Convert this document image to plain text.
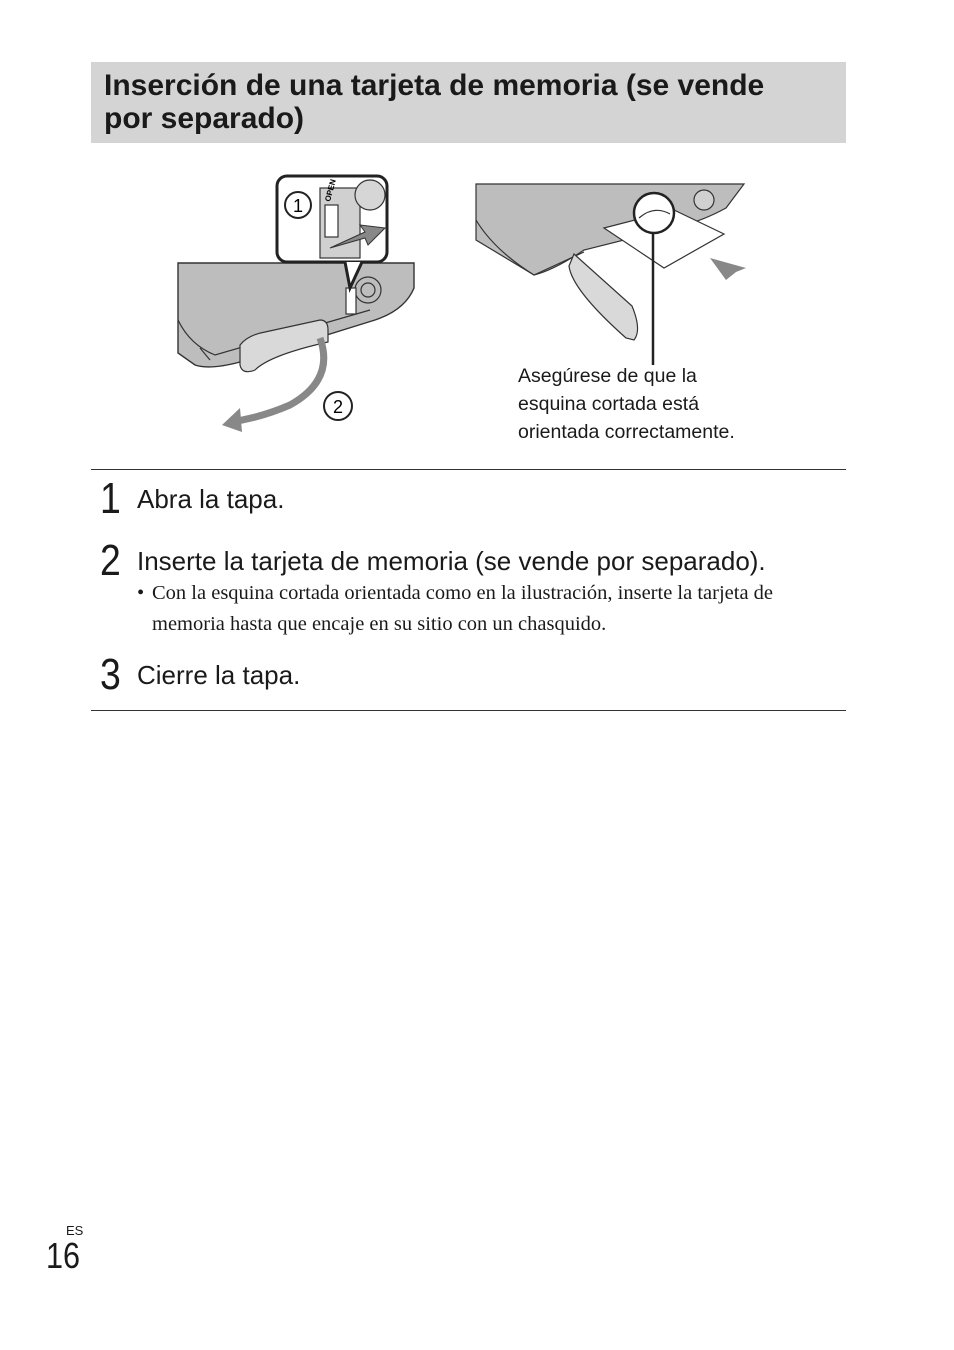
Inserción de una tarjeta de memoria (se vende
por separado)
OPEN
1
2
Asegúrese de que la
esquina cortada está
orientada correctamente.
1 Abra la tapa.
2 Inserte la tarjeta de memoria (se vende por separado).
• Con la esquina cortada orientada como en la ilustración, inserte la tarjeta de memoria hasta que encaje en su sitio con un chasquido.
3 Cierre la tapa.
ES
16
